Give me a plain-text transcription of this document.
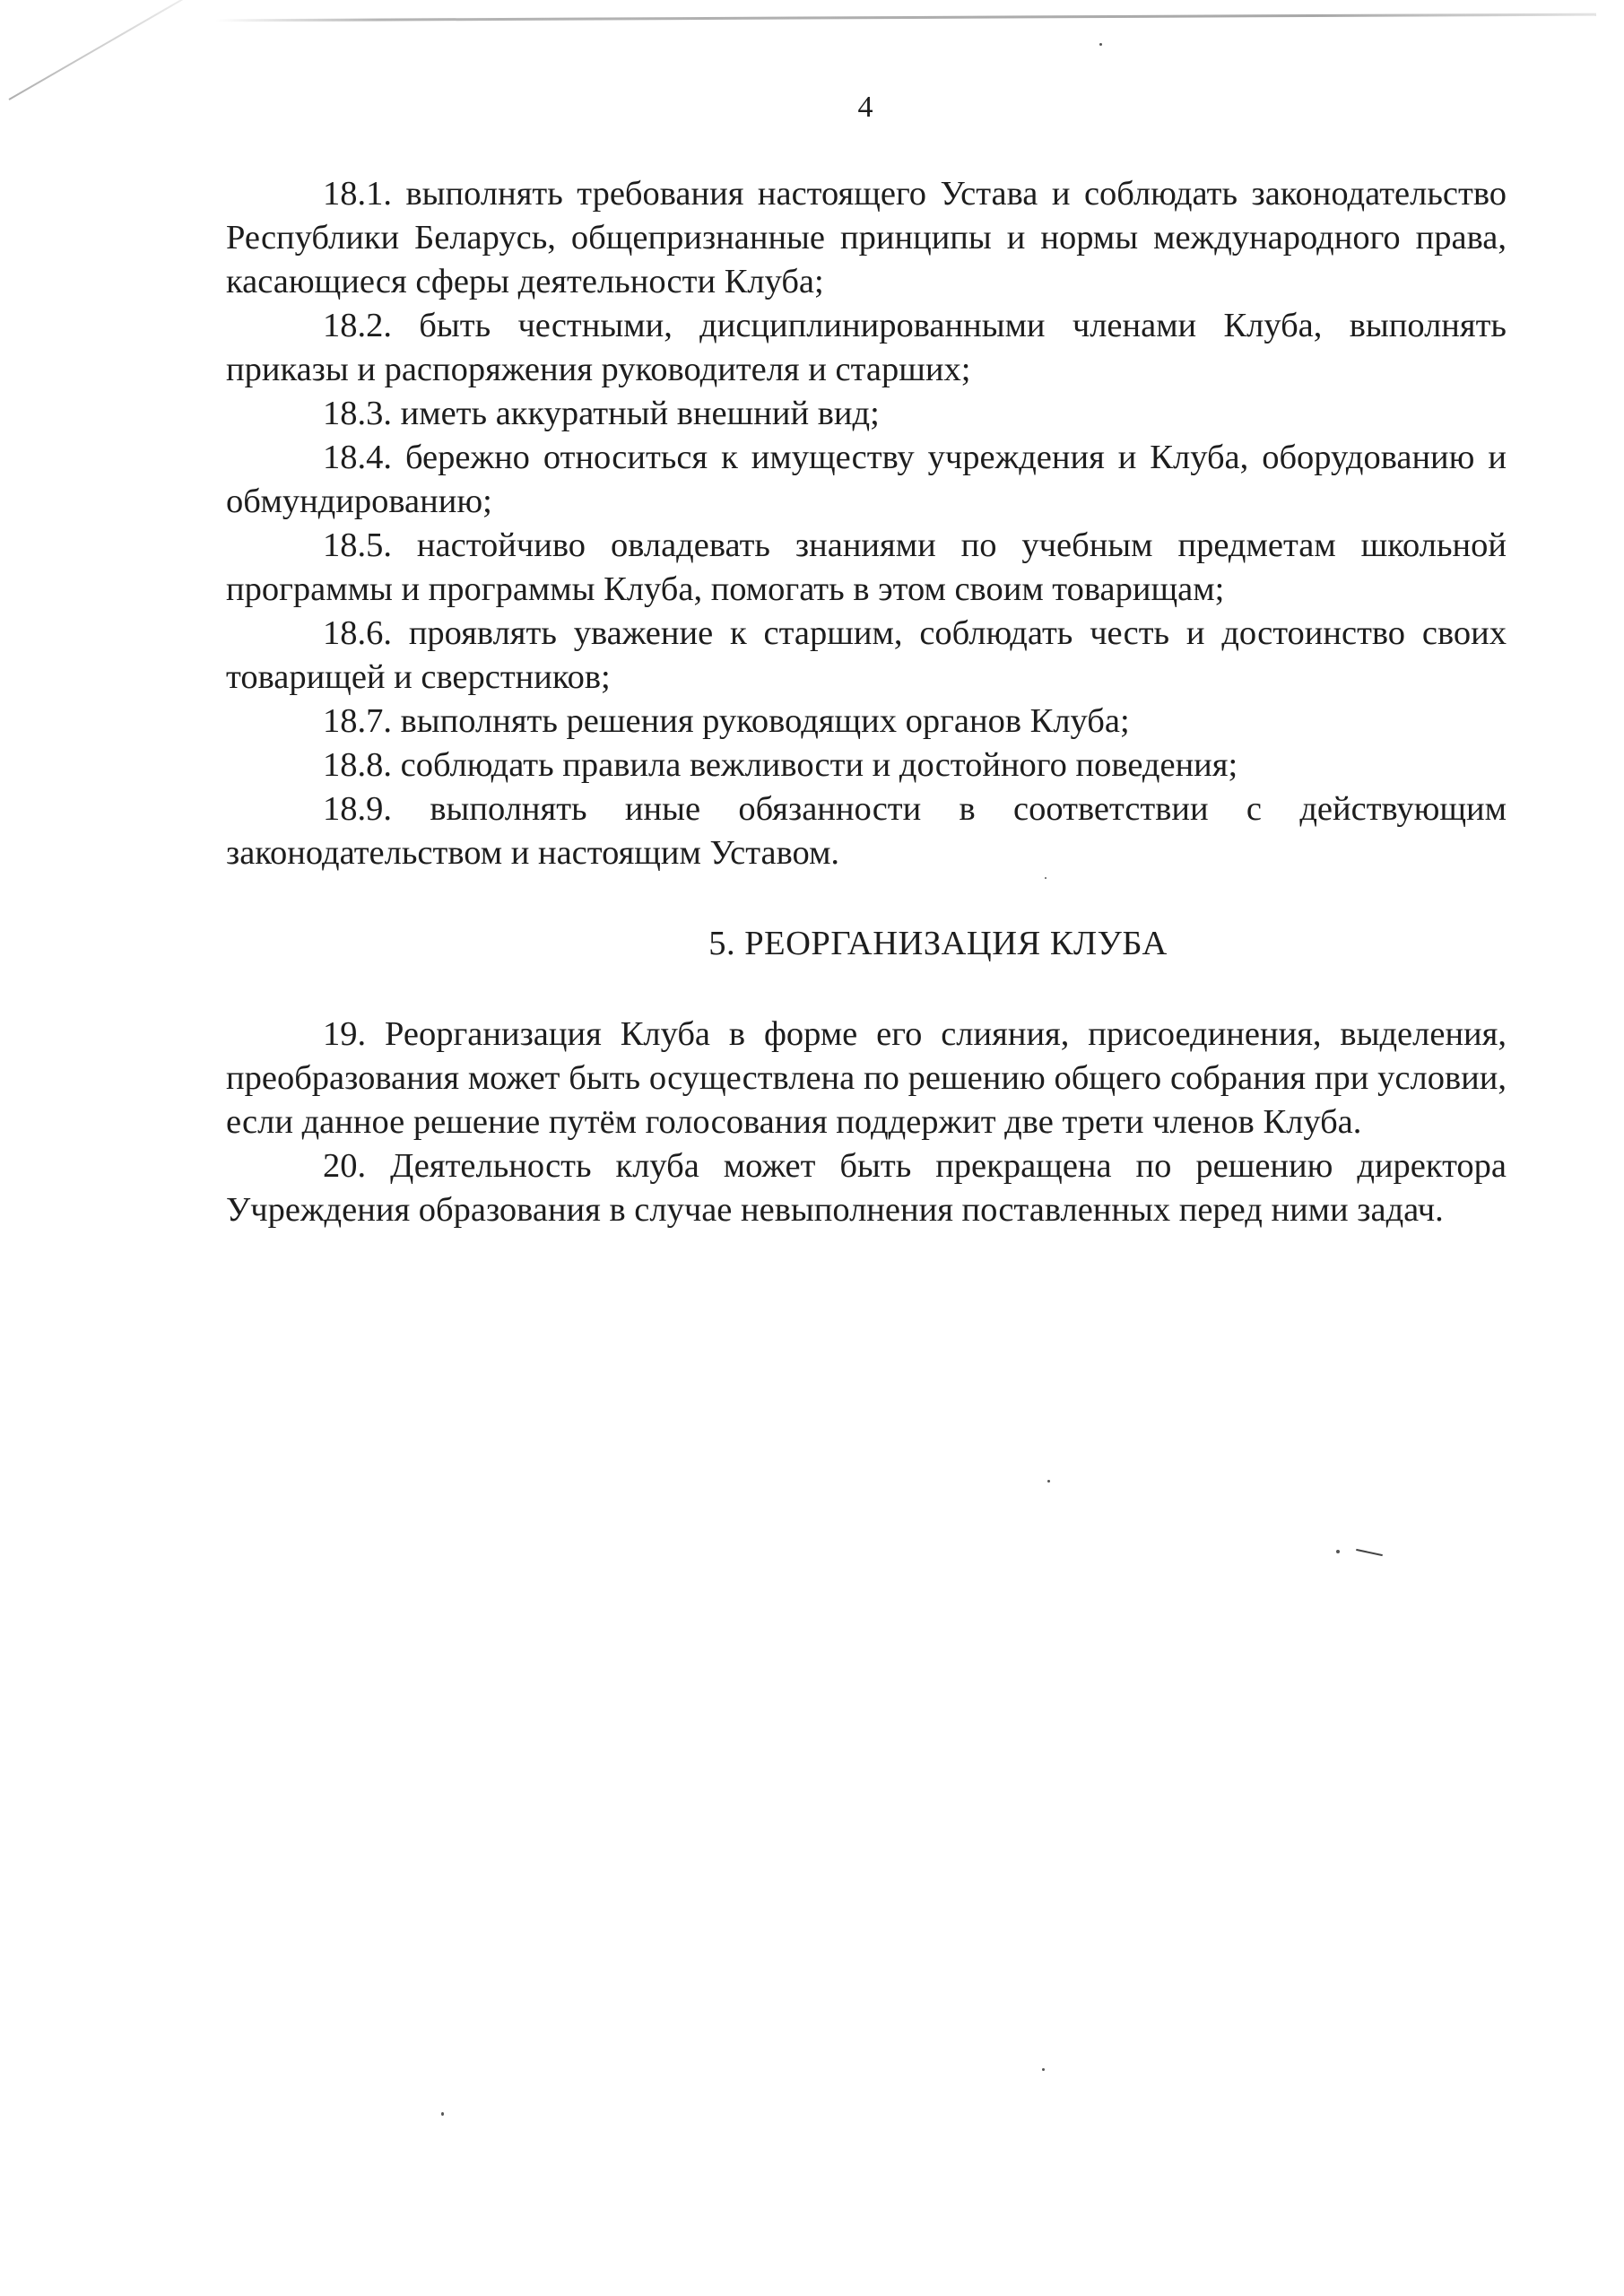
4

18.1. выполнять требования настоящего Устава и соблюдать законодательство Республики Беларусь, общепризнанные принципы и нормы международного права, касающиеся сферы деятельности Клуба;

18.2. быть честными, дисциплинированными членами Клуба, выполнять приказы и распоряжения руководителя и старших;

18.3. иметь аккуратный внешний вид;

18.4. бережно относиться к имуществу учреждения и Клуба, оборудованию и обмундированию;

18.5. настойчиво овладевать знаниями по учебным предметам школьной программы и программы Клуба, помогать в этом своим товарищам;

18.6. проявлять уважение к старшим, соблюдать честь и достоинство своих товарищей и сверстников;

18.7. выполнять решения руководящих органов Клуба;

18.8. соблюдать правила вежливости и достойного поведения;

18.9. выполнять иные обязанности в соответствии с действующим законодательством и настоящим Уставом.

5. РЕОРГАНИЗАЦИЯ КЛУБА

19. Реорганизация Клуба в форме его слияния, присоединения, выделения, преобразования может быть осуществлена по решению общего собрания при условии, если данное решение путём голосования поддержит две трети членов Клуба.

20. Деятельность клуба может быть прекращена по решению директора Учреждения образования в случае невыполнения поставленных перед ними задач.
